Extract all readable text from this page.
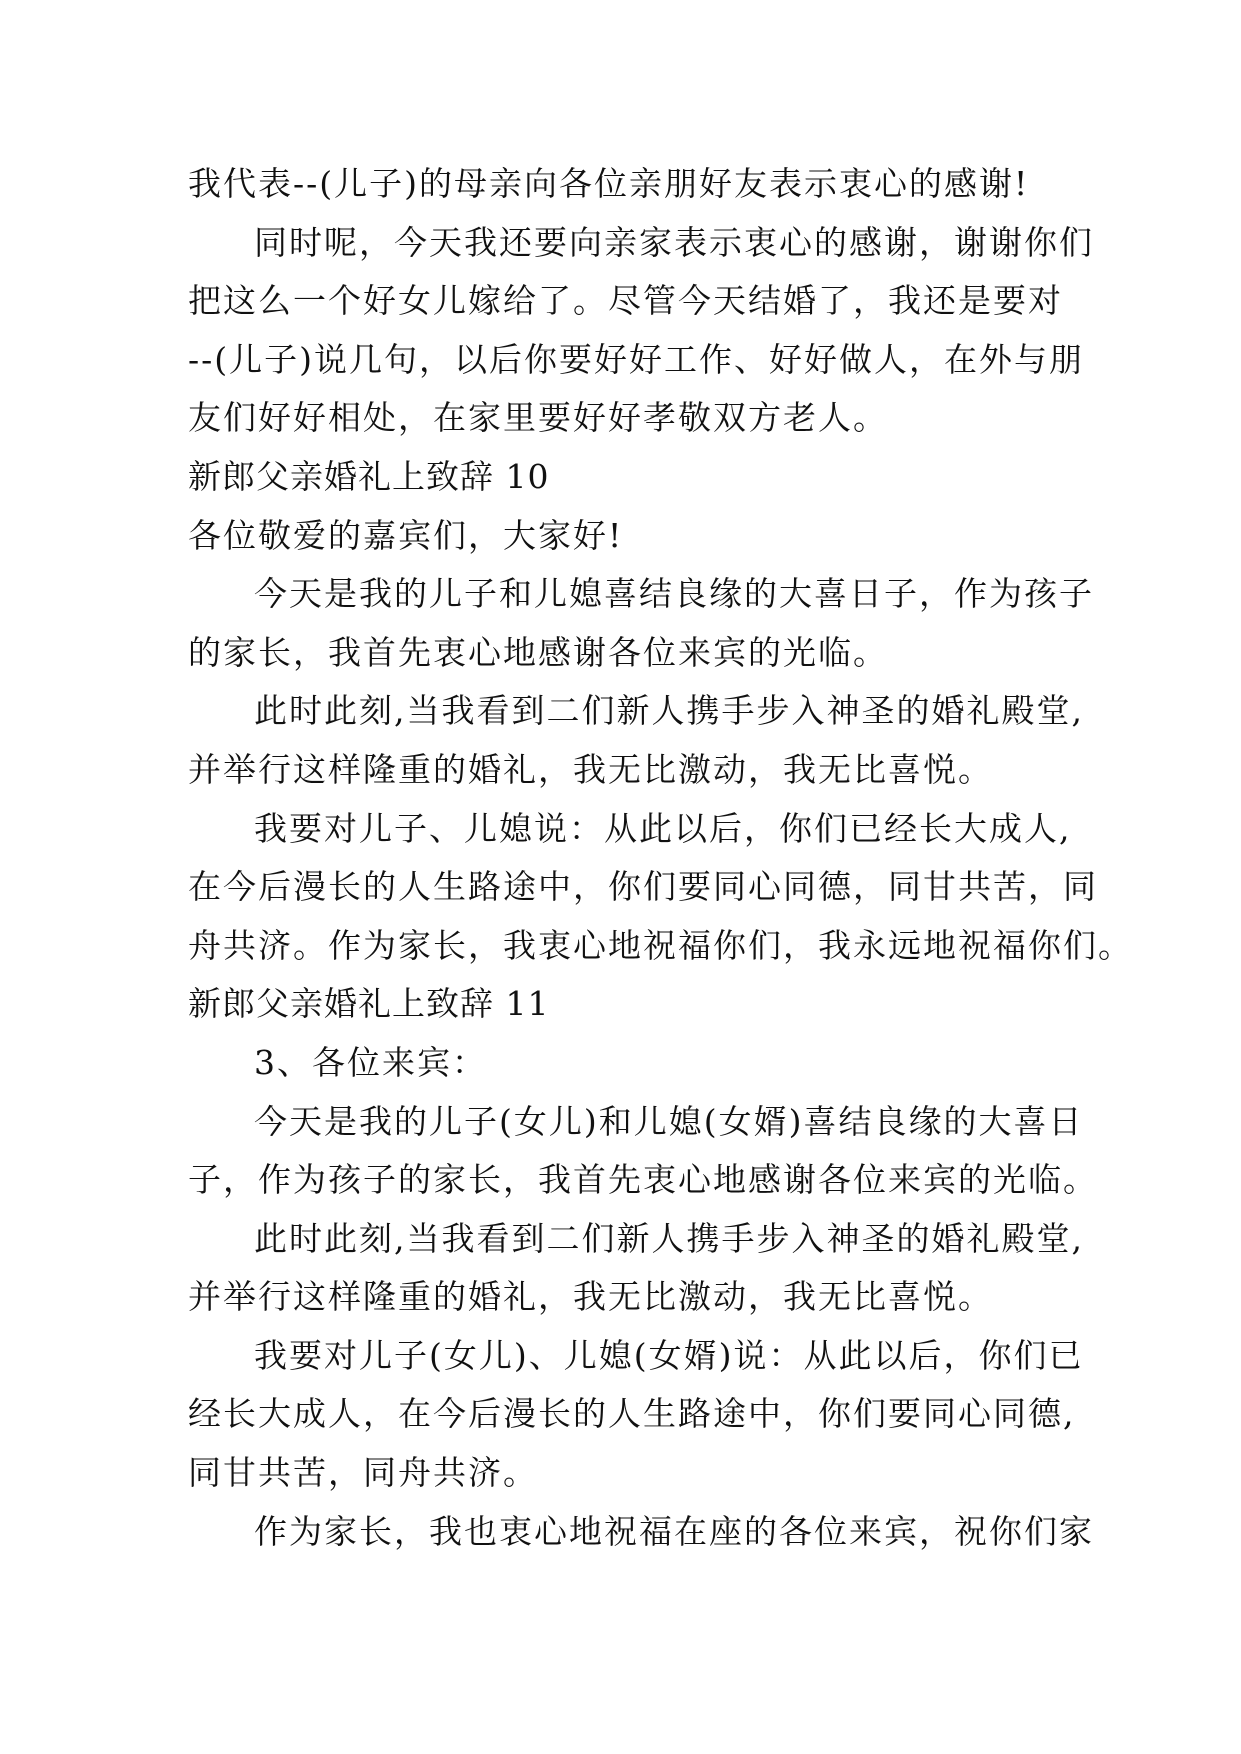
我代表--(儿子)的母亲向各位亲朋好友表示衷心的感谢!
同时呢，今天我还要向亲家表示衷心的感谢，谢谢你们
把这么一个好女儿嫁给了。尽管今天结婚了，我还是要对
--(儿子)说几句，以后你要好好工作、好好做人，在外与朋
友们好好相处，在家里要好好孝敬双方老人。
新郎父亲婚礼上致辞 10
各位敬爱的嘉宾们，大家好!
今天是我的儿子和儿媳喜结良缘的大喜日子，作为孩子
的家长，我首先衷心地感谢各位来宾的光临。
此时此刻,当我看到二们新人携手步入神圣的婚礼殿堂,
并举行这样隆重的婚礼，我无比激动，我无比喜悦。
我要对儿子、儿媳说：从此以后，你们已经长大成人,
在今后漫长的人生路途中，你们要同心同德，同甘共苦，同
舟共济。作为家长，我衷心地祝福你们，我永远地祝福你们。
新郎父亲婚礼上致辞 11
3、各位来宾：
今天是我的儿子(女儿)和儿媳(女婿)喜结良缘的大喜日
子，作为孩子的家长，我首先衷心地感谢各位来宾的光临。
此时此刻,当我看到二们新人携手步入神圣的婚礼殿堂,
并举行这样隆重的婚礼，我无比激动，我无比喜悦。
我要对儿子(女儿)、儿媳(女婿)说：从此以后，你们已
经长大成人，在今后漫长的人生路途中，你们要同心同德,
同甘共苦，同舟共济。
作为家长，我也衷心地祝福在座的各位来宾，祝你们家
